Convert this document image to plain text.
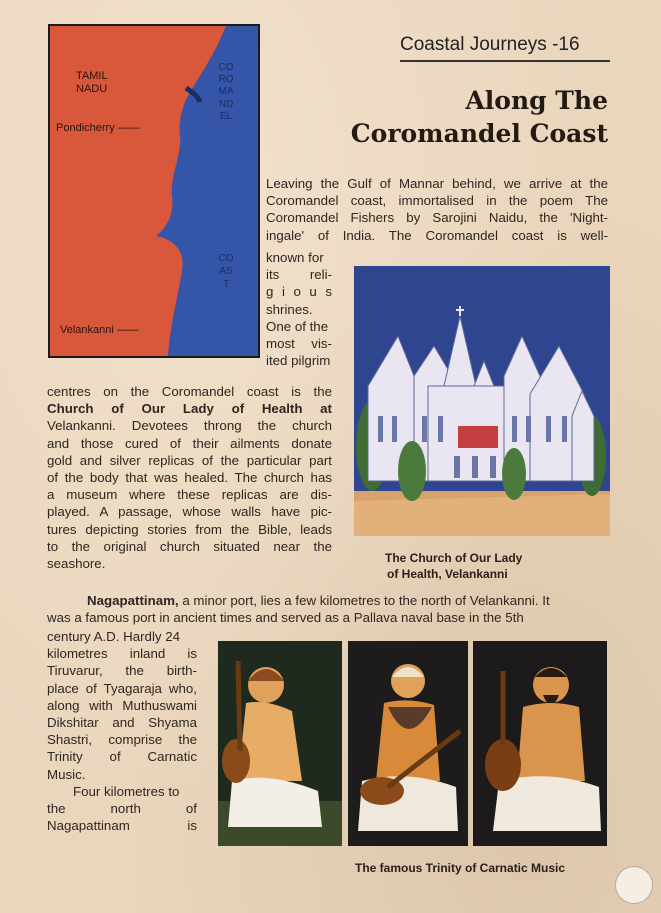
TAMIL
NADU
Pondicherry ——
Velankanni ——
COROMANDEL
COAST
Coastal Journeys -16
Along The
Coromandel Coast
Leaving the Gulf of Mannar behind, we arrive at the
Coromandel coast, immortalised in the poem The
Coromandel Fishers by Sarojini Naidu, the 'Night-
ingale' of India. The Coromandel coast is well-
known for
its reli-
g i o u s
shrines.
One of the
most vis-
ited pilgrim
centres on the Coromandel coast is the
Church of Our Lady of Health at
Velankanni. Devotees throng the church
and those cured of their ailments donate
gold and silver replicas of the particular part
of the body that was healed. The church has
a museum where these replicas are dis-
played. A passage, whose walls have pic-
tures depicting stories from the Bible, leads
to the original church situated near the
seashore.	The Church of Our Lady
of Health, Velankanni
Nagapattinam, a minor port, lies a few kilometres to the north of Velankanni. It
was a famous port in ancient times and served as a Pallava naval base in the 5th
century A.D. Hardly 24
kilometres inland is
Tiruvarur, the birth-
place of Tyagaraja who,
along with Muthuswami
Dikshitar and Shyama
Shastri, comprise the
Trinity of Carnatic
Music.
Four kilometres to
the north of
Nagapattinam is
The famous Trinity of Carnatic Music
